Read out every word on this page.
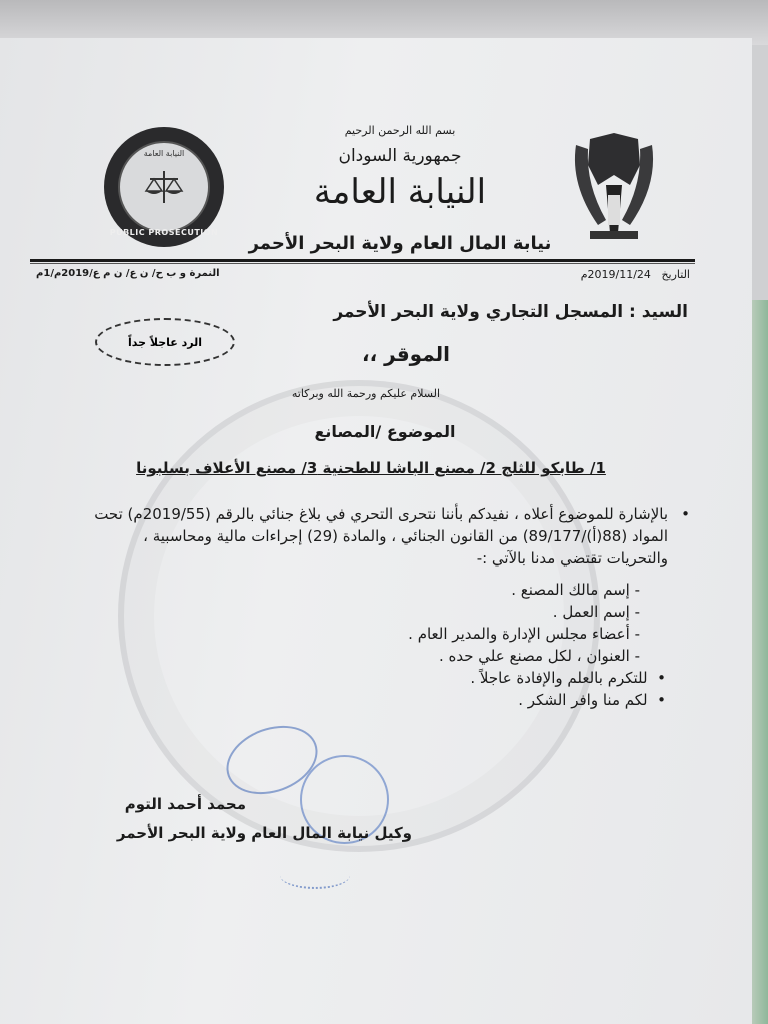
النيابة العامة
PUBLIC PROSECUTION
بسم الله الرحمن الرحيم
جمهورية السودان
النيابة العامة
نيابة المال العام ولاية البحر الأحمر
التاريخ   2019/11/24م
النمرة و ب ح/ ن ع/ ن م ع/2019م/1م
السيد : المسجل التجاري ولاية البحر الأحمر
الرد عاجلاً جداً	الموقر ،،
السلام عليكم ورحمة الله وبركاته
الموضوع /المصانع
1/ طابكو للثلج 2/ مصنع الباشا للطحنية 3/ مصنع الأعلاف بسلبونا
•
بالإشارة للموضوع أعلاه ، نفيدكم بأننا نتحرى التحري في بلاغ جنائي بالرقم (2019/55م) تحت المواد (88(أ)/89/177) من القانون الجنائي ، والمادة (29) إجراءات مالية ومحاسبية ، والتحريات تقتضي مدنا بالآتي :-
- إسم مالك المصنع .
- إسم العمل .
- أعضاء مجلس الإدارة والمدير العام .
- العنوان ، لكل مصنع علي حده .
•  للتكرم بالعلم والإفادة عاجلاً .
•  لكم منا وافر الشكر .
محمد أحمد التوم
وكيل نيابة المال العام ولاية البحر الأحمر
